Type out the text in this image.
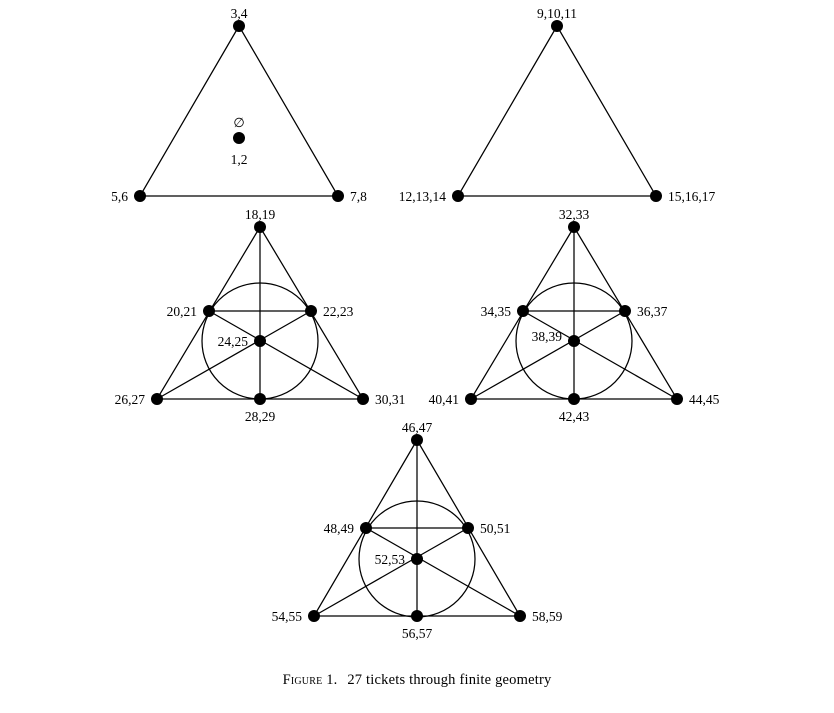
3,4
5,6	7,8
∅
1,2
9,10,11
12,13,14	15,16,17
18,19
20,21	22,23
24,25
26,27
28,29
30,31
32,33
34,35	36,37
38,39
40,41
42,43
44,45
46,47
48,49	50,51
52,53
54,55
56,57
58,59
Figure 1. 27 tickets through finite geometry
